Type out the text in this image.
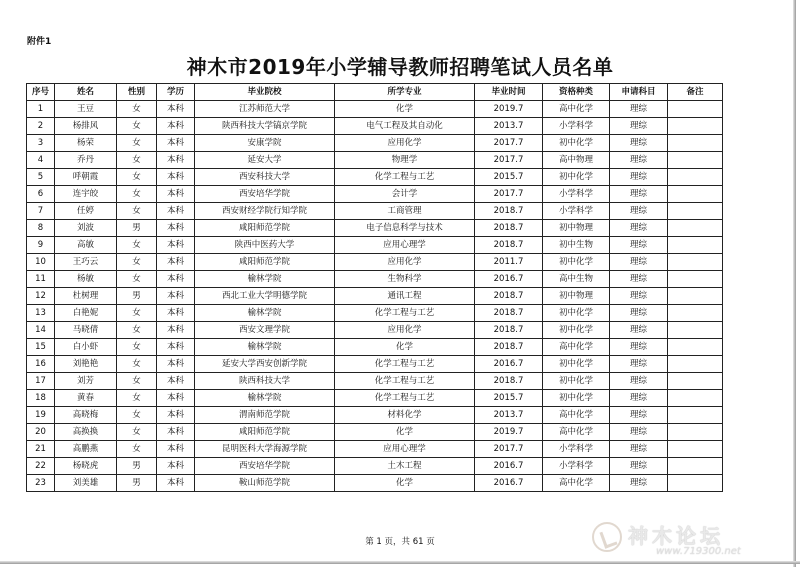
附件1
神木市2019年小学辅导教师招聘笔试人员名单
序号	姓名	性别	学历	毕业院校	所学专业	毕业时间	资格种类	申请科目	备注
1	王豆	女	本科	江苏师范大学	化学	2019.7	高中化学	理综	
2	杨排风	女	本科	陕西科技大学镐京学院	电气工程及其自动化	2013.7	小学科学	理综	
3	杨荣	女	本科	安康学院	应用化学	2017.7	初中化学	理综	
4	乔丹	女	本科	延安大学	物理学	2017.7	高中物理	理综	
5	呼朝霞	女	本科	西安科技大学	化学工程与工艺	2015.7	初中化学	理综	
6	连宇皎	女	本科	西安培华学院	会计学	2017.7	小学科学	理综	
7	任婷	女	本科	西安财经学院行知学院	工商管理	2018.7	小学科学	理综	
8	刘波	男	本科	咸阳师范学院	电子信息科学与技术	2018.7	初中物理	理综	
9	高敏	女	本科	陕西中医药大学	应用心理学	2018.7	初中生物	理综	
10	王巧云	女	本科	咸阳师范学院	应用化学	2011.7	初中化学	理综	
11	杨敏	女	本科	榆林学院	生物科学	2016.7	高中生物	理综	
12	杜树理	男	本科	西北工业大学明德学院	通讯工程	2018.7	初中物理	理综	
13	白艳妮	女	本科	榆林学院	化学工程与工艺	2018.7	初中化学	理综	
14	马晓倩	女	本科	西安文理学院	应用化学	2018.7	初中化学	理综	
15	白小虾	女	本科	榆林学院	化学	2018.7	高中化学	理综	
16	刘艳艳	女	本科	延安大学西安创新学院	化学工程与工艺	2016.7	初中化学	理综	
17	刘芳	女	本科	陕西科技大学	化学工程与工艺	2018.7	初中化学	理综	
18	黄春	女	本科	榆林学院	化学工程与工艺	2015.7	初中化学	理综	
19	高晓梅	女	本科	渭南师范学院	材料化学	2013.7	高中化学	理综	
20	高换换	女	本科	咸阳师范学院	化学	2019.7	高中化学	理综	
21	高鹏燕	女	本科	昆明医科大学海源学院	应用心理学	2017.7	小学科学	理综	
22	杨晓虎	男	本科	西安培华学院	土木工程	2016.7	小学科学	理综	
23	刘美雄	男	本科	鞍山师范学院	化学	2016.7	高中化学	理综	
第 1 页，共 61 页	神木论坛
www.719300.net
